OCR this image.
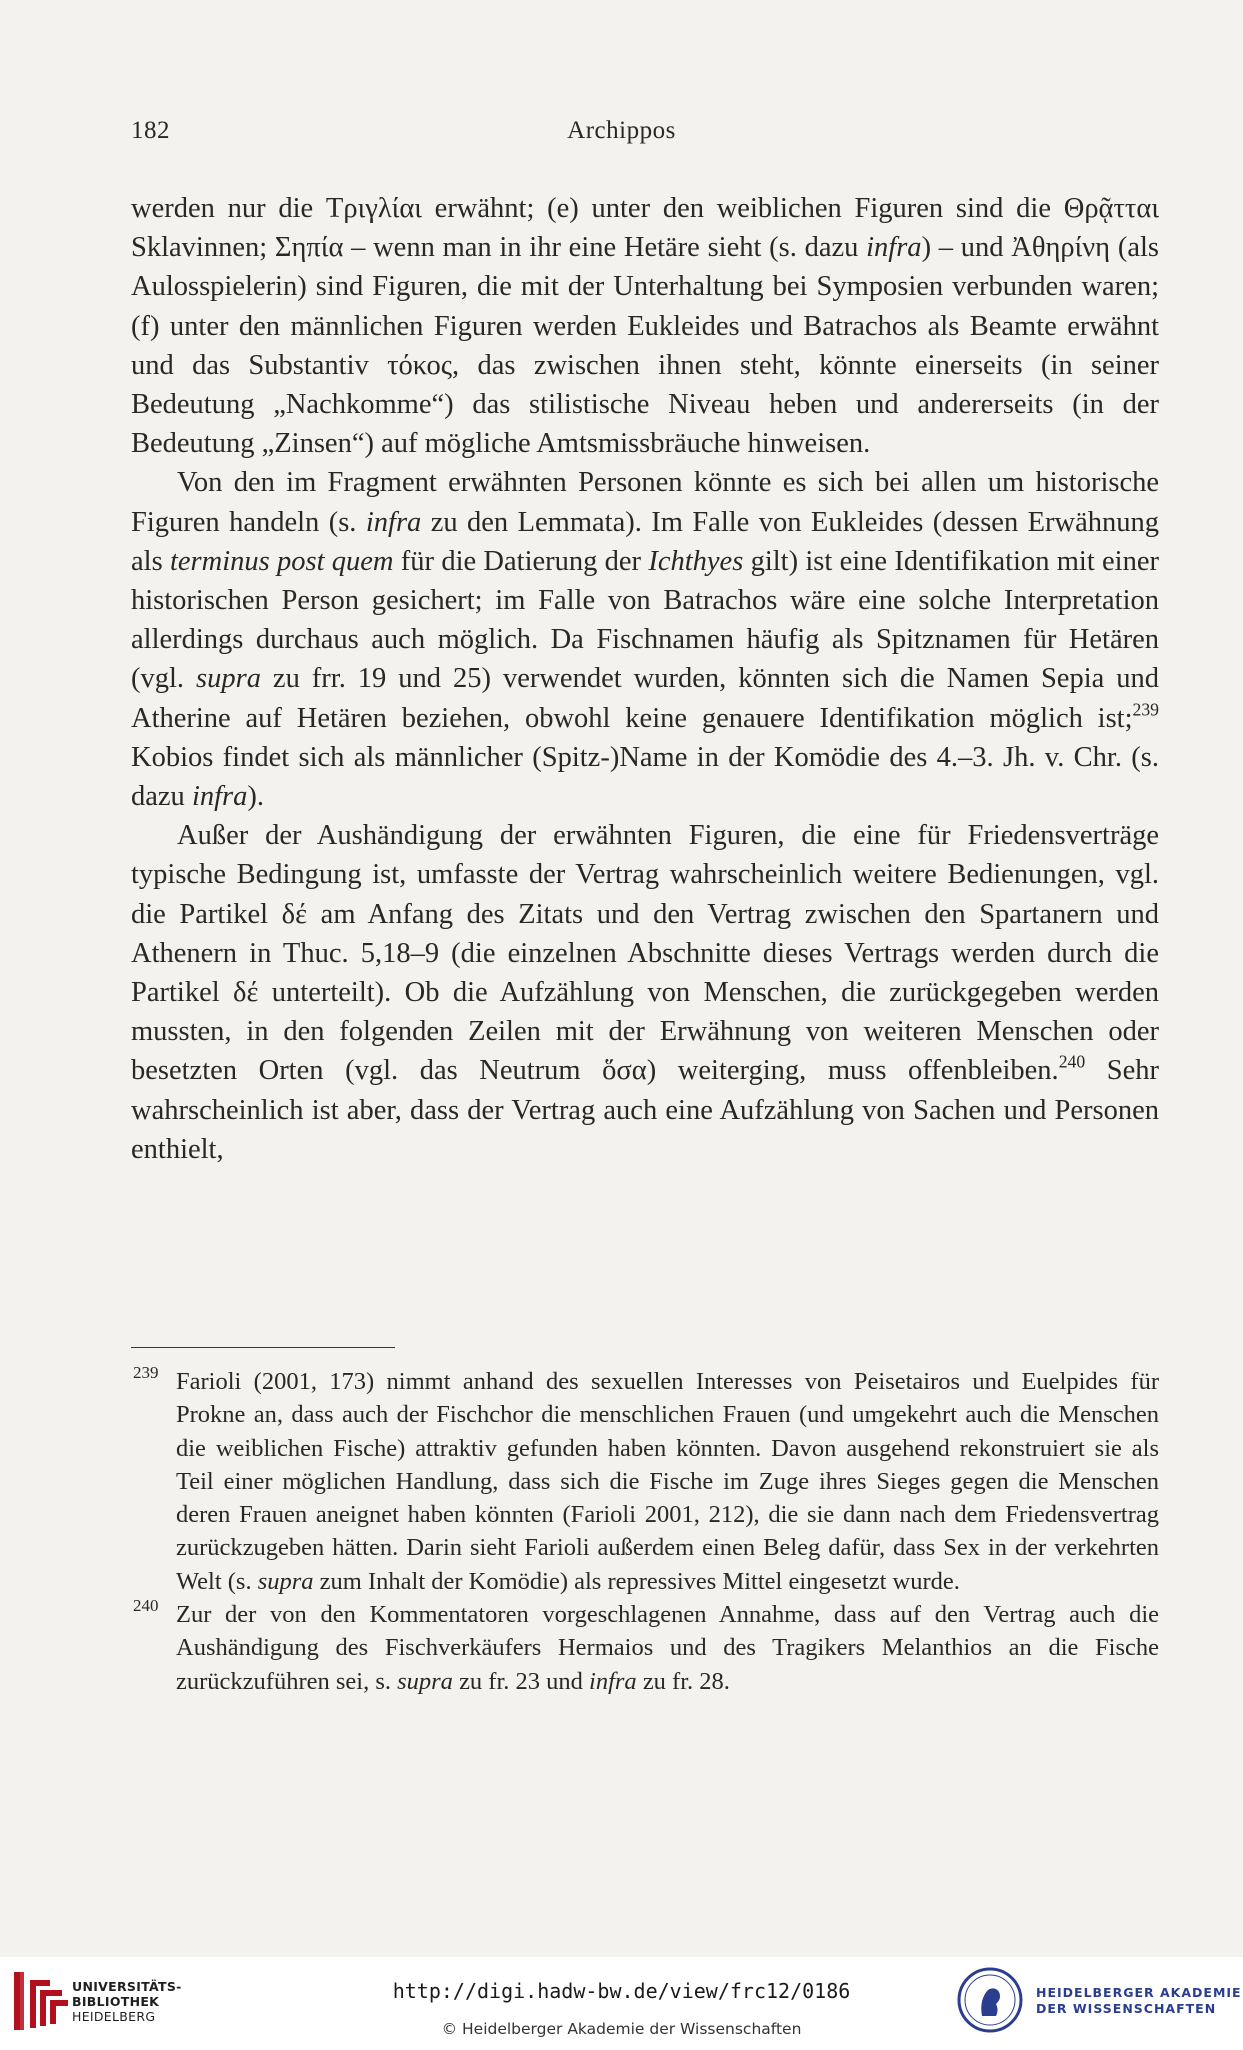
182	Archippos

werden nur die Τριγλίαι erwähnt; (e) unter den weiblichen Figuren sind die Θρᾷτται Sklavinnen; Σηπία – wenn man in ihr eine Hetäre sieht (s. dazu infra) – und Ἀθηρίνη (als Aulosspielerin) sind Figuren, die mit der Unterhaltung bei Symposien verbunden waren; (f) unter den männlichen Figuren werden Eukleides und Batrachos als Beamte erwähnt und das Substantiv τόκος, das zwischen ihnen steht, könnte einerseits (in seiner Bedeutung „Nachkomme“) das stilistische Niveau heben und andererseits (in der Bedeutung „Zinsen“) auf mögliche Amtsmissbräuche hinweisen.

Von den im Fragment erwähnten Personen könnte es sich bei allen um historische Figuren handeln (s. infra zu den Lemmata). Im Falle von Eukleides (dessen Erwähnung als terminus post quem für die Datierung der Ichthyes gilt) ist eine Identifikation mit einer historischen Person gesichert; im Falle von Batrachos wäre eine solche Interpretation allerdings durchaus auch möglich. Da Fischnamen häufig als Spitznamen für Hetären (vgl. supra zu frr. 19 und 25) verwendet wurden, könnten sich die Namen Sepia und Atherine auf Hetären beziehen, obwohl keine genauere Identifikation möglich ist;$^{239}$ Kobios findet sich als männlicher (Spitz-)Name in der Komödie des 4.–3. Jh. v. Chr. (s. dazu infra).

Außer der Aushändigung der erwähnten Figuren, die eine für Friedensverträge typische Bedingung ist, umfasste der Vertrag wahrscheinlich weitere Bedienungen, vgl. die Partikel δέ am Anfang des Zitats und den Vertrag zwischen den Spartanern und Athenern in Thuc. 5,18–9 (die einzelnen Abschnitte dieses Vertrags werden durch die Partikel δέ unterteilt). Ob die Aufzählung von Menschen, die zurückgegeben werden mussten, in den folgenden Zeilen mit der Erwähnung von weiteren Menschen oder besetzten Orten (vgl. das Neutrum ὅσα) weiterging, muss offenbleiben.$^{240}$ Sehr wahrscheinlich ist aber, dass der Vertrag auch eine Aufzählung von Sachen und Personen enthielt,

239 Farioli (2001, 173) nimmt anhand des sexuellen Interesses von Peisetairos und Euelpides für Prokne an, dass auch der Fischchor die menschlichen Frauen (und umgekehrt auch die Menschen die weiblichen Fische) attraktiv gefunden haben könnten. Davon ausgehend rekonstruiert sie als Teil einer möglichen Handlung, dass sich die Fische im Zuge ihres Sieges gegen die Menschen deren Frauen aneignet haben könnten (Farioli 2001, 212), die sie dann nach dem Friedensvertrag zurückzugeben hätten. Darin sieht Farioli außerdem einen Beleg dafür, dass Sex in der verkehrten Welt (s. supra zum Inhalt der Komödie) als repressives Mittel eingesetzt wurde.
240 Zur der von den Kommentatoren vorgeschlagenen Annahme, dass auf den Vertrag auch die Aushändigung des Fischverkäufers Hermaios und des Tragikers Melanthios an die Fische zurückzuführen sei, s. supra zu fr. 23 und infra zu fr. 28.
UNIVERSITÄTS-
BIBLIOTHEK
HEIDELBERG
http://digi.hadw-bw.de/view/frc12/0186
© Heidelberger Akademie der Wissenschaften
HEIDELBERGER AKADEMIE
DER WISSENSCHAFTEN
